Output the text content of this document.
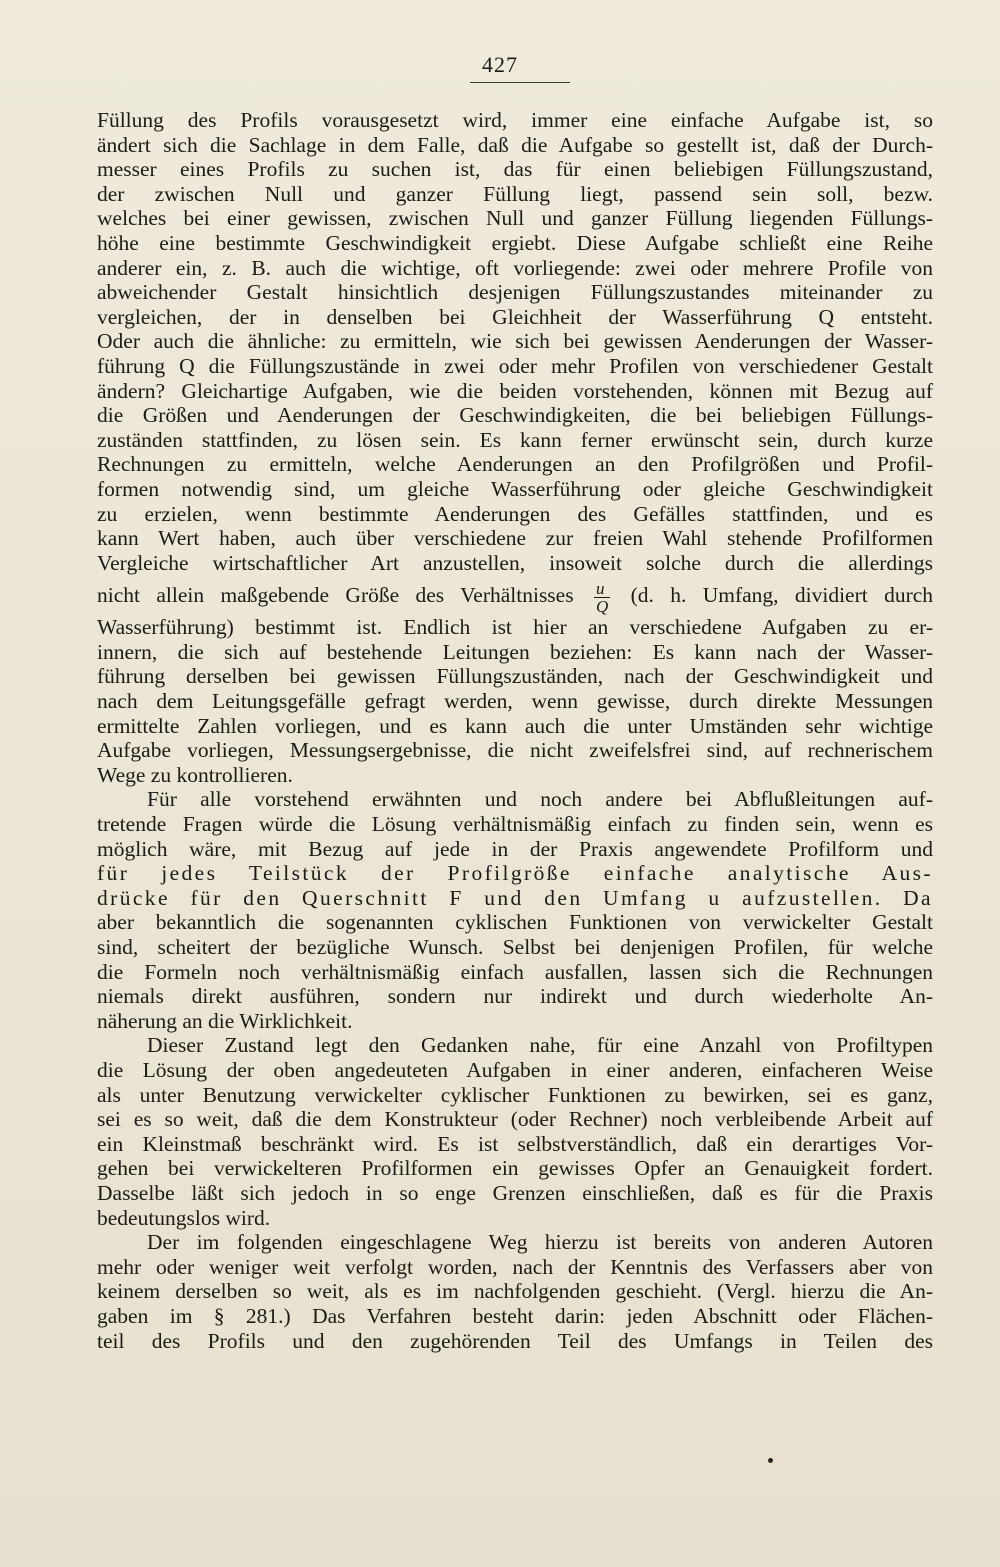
427
Füllung des Profils vorausgesetzt wird, immer eine einfache Aufgabe ist, so
ändert sich die Sachlage in dem Falle, daß die Aufgabe so gestellt ist, daß der Durch-
messer eines Profils zu suchen ist, das für einen beliebigen Füllungszustand,
der zwischen Null und ganzer Füllung liegt, passend sein soll, bezw.
welches bei einer gewissen, zwischen Null und ganzer Füllung liegenden Füllungs-
höhe eine bestimmte Geschwindigkeit ergiebt. Diese Aufgabe schließt eine Reihe
anderer ein, z. B. auch die wichtige, oft vorliegende: zwei oder mehrere Profile von
abweichender Gestalt hinsichtlich desjenigen Füllungszustandes miteinander zu
vergleichen, der in denselben bei Gleichheit der Wasserführung Q entsteht.
Oder auch die ähnliche: zu ermitteln, wie sich bei gewissen Aenderungen der Wasser-
führung Q die Füllungszustände in zwei oder mehr Profilen von verschiedener Gestalt
ändern? Gleichartige Aufgaben, wie die beiden vorstehenden, können mit Bezug auf
die Größen und Aenderungen der Geschwindigkeiten, die bei beliebigen Füllungs-
zuständen stattfinden, zu lösen sein. Es kann ferner erwünscht sein, durch kurze
Rechnungen zu ermitteln, welche Aenderungen an den Profilgrößen und Profil-
formen notwendig sind, um gleiche Wasserführung oder gleiche Geschwindigkeit
zu erzielen, wenn bestimmte Aenderungen des Gefälles stattfinden, und es
kann Wert haben, auch über verschiedene zur freien Wahl stehende Profilformen
Vergleiche wirtschaftlicher Art anzustellen, insoweit solche durch die allerdings
nicht allein maßgebende Größe des Verhältnisses $\frac{u}{Q} (d$. h. Umfang, dividiert durch
Wasserführung) bestimmt ist. Endlich ist hier an verschiedene Aufgaben zu er-
innern, die sich auf bestehende Leitungen beziehen: Es kann nach der Wasser-
führung derselben bei gewissen Füllungszuständen, nach der Geschwindigkeit und
nach dem Leitungsgefälle gefragt werden, wenn gewisse, durch direkte Messungen
ermittelte Zahlen vorliegen, und es kann auch die unter Umständen sehr wichtige
Aufgabe vorliegen, Messungsergebnisse, die nicht zweifelsfrei sind, auf rechnerischem
Wege zu kontrollieren.
Für alle vorstehend erwähnten und noch andere bei Abflußleitungen auf-
tretende Fragen würde die Lösung verhältnismäßig einfach zu finden sein, wenn es
möglich wäre, mit Bezug auf jede in der Praxis angewendete Profilform und
für jedes Teilstück der Profilgröße einfache analytische Aus-
drücke für den Querschnitt F und den Umfang u aufzustellen. Da
aber bekanntlich die sogenannten cyklischen Funktionen von verwickelter Gestalt
sind, scheitert der bezügliche Wunsch. Selbst bei denjenigen Profilen, für welche
die Formeln noch verhältnismäßig einfach ausfallen, lassen sich die Rechnungen
niemals direkt ausführen, sondern nur indirekt und durch wiederholte An-
näherung an die Wirklichkeit.
Dieser Zustand legt den Gedanken nahe, für eine Anzahl von Profiltypen
die Lösung der oben angedeuteten Aufgaben in einer anderen, einfacheren Weise
als unter Benutzung verwickelter cyklischer Funktionen zu bewirken, sei es ganz,
sei es so weit, daß die dem Konstrukteur (oder Rechner) noch verbleibende Arbeit auf
ein Kleinstmaß beschränkt wird. Es ist selbstverständlich, daß ein derartiges Vor-
gehen bei verwickelteren Profilformen ein gewisses Opfer an Genauigkeit fordert.
Dasselbe läßt sich jedoch in so enge Grenzen einschließen, daß es für die Praxis
bedeutungslos wird.
Der im folgenden eingeschlagene Weg hierzu ist bereits von anderen Autoren
mehr oder weniger weit verfolgt worden, nach der Kenntnis des Verfassers aber von
keinem derselben so weit, als es im nachfolgenden geschieht. (Vergl. hierzu die An-
gaben im § 281.) Das Verfahren besteht darin: jeden Abschnitt oder Flächen-
teil des Profils und den zugehörenden Teil des Umfangs in Teilen des
